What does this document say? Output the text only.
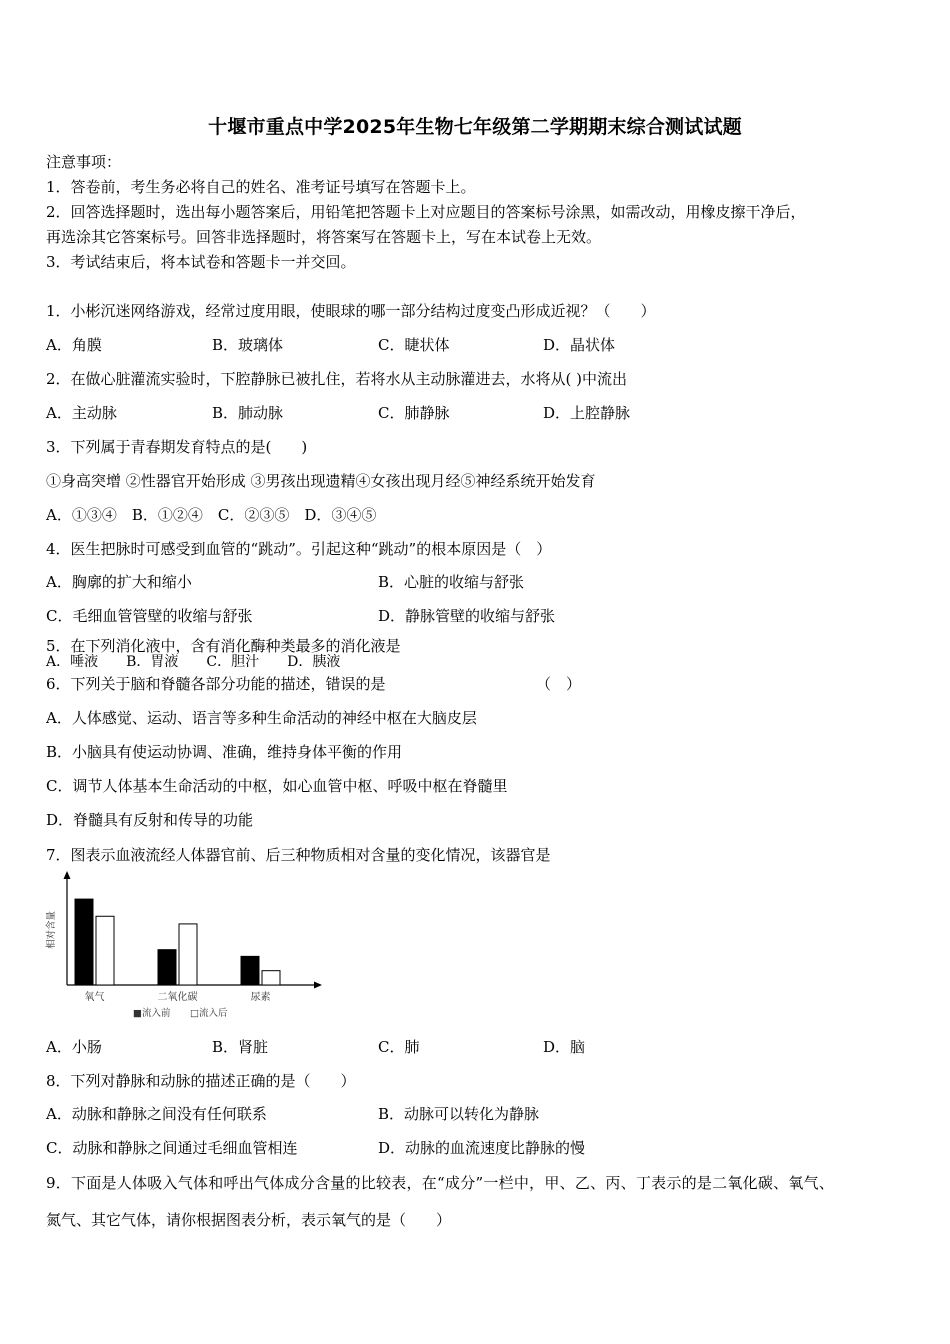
十堰市重点中学2025年生物七年级第二学期期末综合测试试题
注意事项：
1．答卷前，考生务必将自己的姓名、准考证号填写在答题卡上。
2．回答选择题时，选出每小题答案后，用铅笔把答题卡上对应题目的答案标号涂黑，如需改动，用橡皮擦干净后，
再选涂其它答案标号。回答非选择题时，将答案写在答题卡上，写在本试卷上无效。
3．考试结束后，将本试卷和答题卡一并交回。
1．小彬沉迷网络游戏，经常过度用眼，使眼球的哪一部分结构过度变凸形成近视？（　　）
A．角膜	B．玻璃体	C．睫状体	D．晶状体
2．在做心脏灌流实验时，下腔静脉已被扎住，若将水从主动脉灌进去，水将从( )中流出
A．主动脉	B．肺动脉	C．肺静脉	D．上腔静脉
3．下列属于青春期发育特点的是(　　)
①身高突增 ②性器官开始形成 ③男孩出现遗精④女孩出现月经⑤神经系统开始发育
A．①③④　B．①②④　C．②③⑤　D．③④⑤
4．医生把脉时可感受到血管的“跳动”。引起这种“跳动”的根本原因是（　）
A．胸廓的扩大和缩小	B．心脏的收缩与舒张
C．毛细血管管壁的收缩与舒张	D．静脉管壁的收缩与舒张
5．在下列消化液中，含有消化酶种类最多的消化液是
A．唾液　　B．胃液　　C．胆汁　　D．胰液
6．下列关于脑和脊髓各部分功能的描述，错误的是	（　）
A．人体感觉、运动、语言等多种生命活动的神经中枢在大脑皮层
B．小脑具有使运动协调、准确，维持身体平衡的作用
C．调节人体基本生命活动的中枢，如心血管中枢、呼吸中枢在脊髓里
D．脊髓具有反射和传导的功能
7．图表示血液流经人体器官前、后三种物质相对含量的变化情况，该器官是
相对含量
氧气	二氧化碳	尿素
■流入前 □流入后
A．小肠	B．肾脏	C．肺	D．脑
8．下列对静脉和动脉的描述正确的是（　　）
A．动脉和静脉之间没有任何联系	B．动脉可以转化为静脉
C．动脉和静脉之间通过毛细血管相连	D．动脉的血流速度比静脉的慢
9．下面是人体吸入气体和呼出气体成分含量的比较表，在“成分”一栏中，甲、乙、丙、丁表示的是二氧化碳、氧气、
氮气、其它气体，请你根据图表分析，表示氧气的是（　　）
